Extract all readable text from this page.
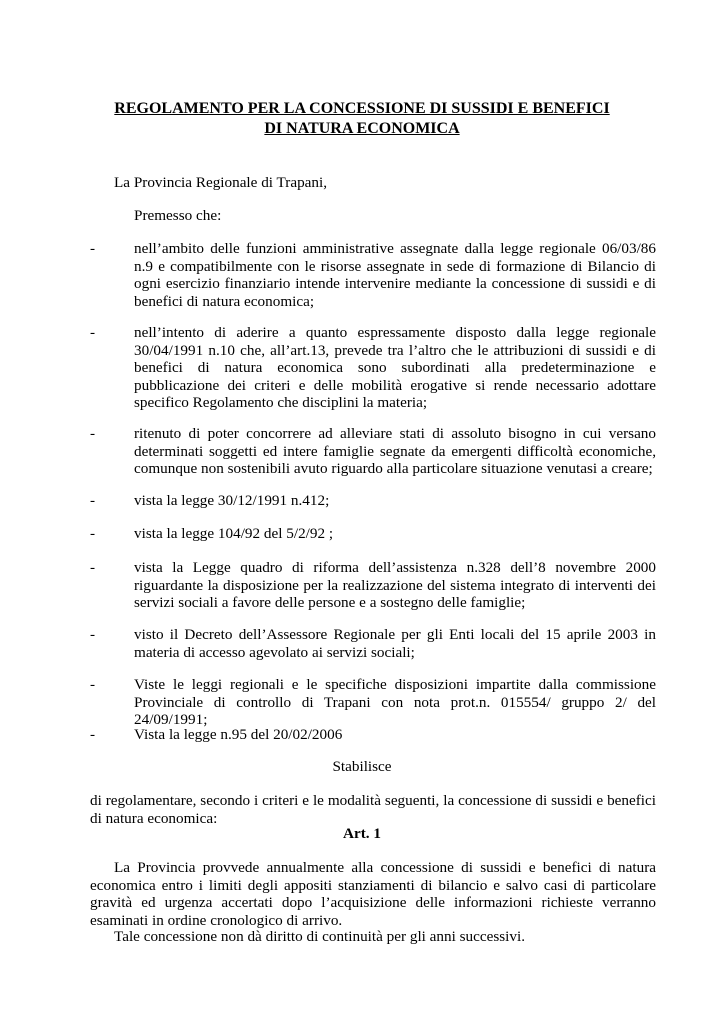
REGOLAMENTO PER LA CONCESSIONE DI SUSSIDI E BENEFICI
DI NATURA ECONOMICA
La Provincia Regionale di Trapani,
Premesso che:
-	nell’ambito delle funzioni amministrative assegnate dalla legge regionale 06/03/86 n.9 e compatibilmente con le risorse assegnate in sede di formazione di Bilancio di ogni esercizio finanziario intende intervenire mediante la concessione di sussidi e di benefici di natura economica;
-	nell’intento di aderire a quanto espressamente disposto dalla legge regionale 30/04/1991 n.10 che, all’art.13, prevede tra l’altro che le attribuzioni di sussidi e di benefici di natura economica sono subordinati alla predeterminazione e pubblicazione dei criteri e delle mobilità erogative si rende necessario adottare specifico Regolamento che disciplini la materia;
-	ritenuto di poter concorrere ad alleviare stati di assoluto bisogno in cui versano determinati soggetti ed intere famiglie segnate da emergenti difficoltà economiche, comunque non sostenibili avuto riguardo alla particolare situazione venutasi a creare;
-	vista la legge 30/12/1991 n.412;
-	vista la legge 104/92 del 5/2/92 ;
-	vista la Legge quadro di riforma dell’assistenza n.328 dell’8 novembre 2000 riguardante la disposizione per la realizzazione del sistema integrato di interventi dei servizi sociali a favore delle persone e a sostegno delle famiglie;
-	visto il Decreto dell’Assessore Regionale per gli Enti locali del 15 aprile 2003 in materia di accesso agevolato ai servizi sociali;
-	Viste le leggi regionali e le specifiche disposizioni impartite dalla commissione Provinciale di controllo di Trapani con nota prot.n. 015554/ gruppo 2/ del 24/09/1991;
-	Vista la legge n.95 del 20/02/2006
Stabilisce
di regolamentare, secondo i criteri e le modalità seguenti, la concessione di sussidi e benefici di natura economica:
Art. 1
La Provincia provvede annualmente alla concessione di sussidi e benefici di natura economica entro i limiti degli appositi stanziamenti di bilancio e salvo casi di particolare gravità ed urgenza accertati dopo l’acquisizione delle informazioni richieste verranno esaminati in ordine cronologico di arrivo.
Tale concessione non dà diritto di continuità per gli anni successivi.
